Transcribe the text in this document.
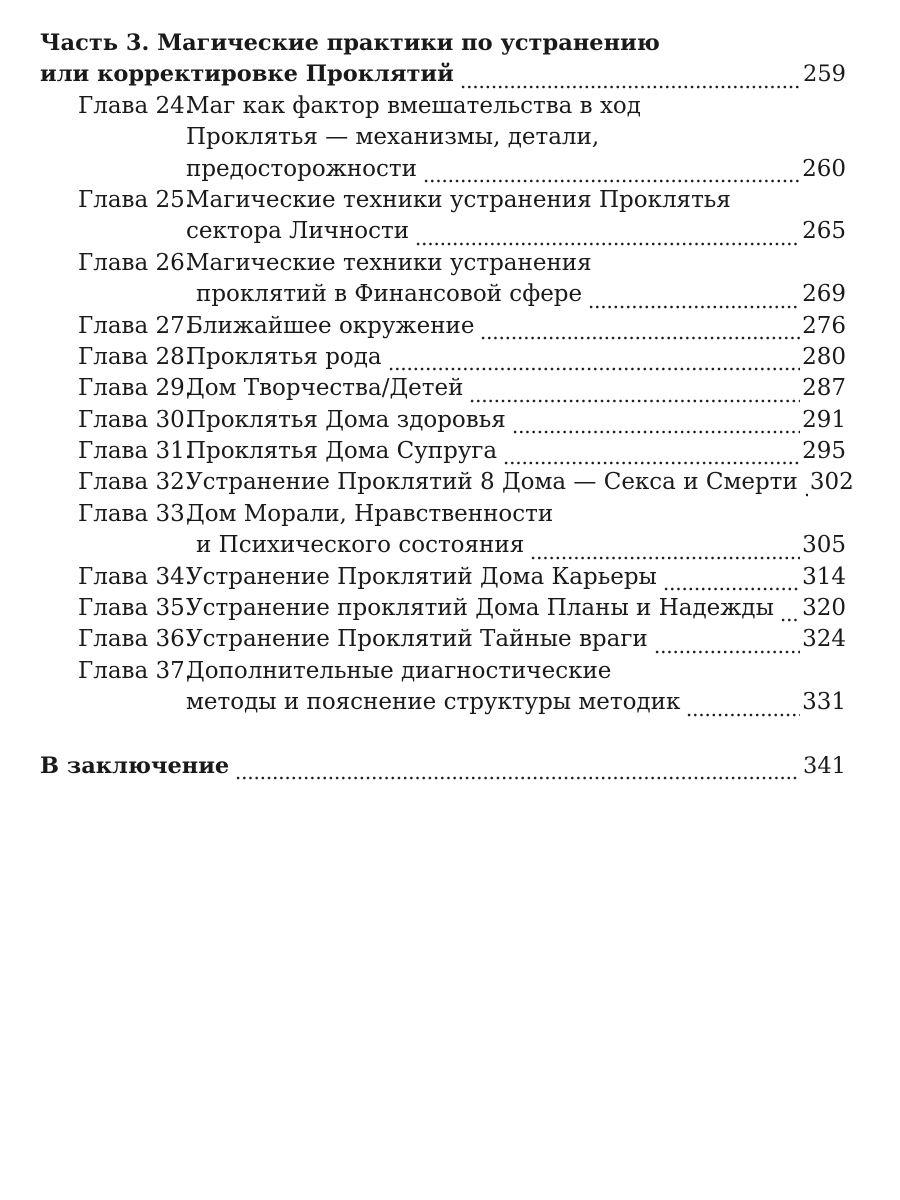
Часть 3. Магические практики по устранению
или корректировке Проклятий	259
Глава 24.
Маг как фактор вмешательства в ход
Проклятья — механизмы, детали,
предосторожности	260
Глава 25.
Магические техники устранения Проклятья
сектора Личности	265
Глава 26.
Магические техники устранения
проклятий в Финансовой сфере	269
Глава 27.
Ближайшее окружение	276
Глава 28.
Проклятья рода	280
Глава 29.
Дом Творчества/Детей	287
Глава 30.
Проклятья Дома здоровья	291
Глава 31.
Проклятья Дома Супруга	295
Глава 32.
Устранение Проклятий 8 Дома — Секса и Смерти 302
Глава 33.
Дом Морали, Нравственности
и Психического состояния	305
Глава 34.
Устранение Проклятий Дома Карьеры	314
Глава 35.
Устранение проклятий Дома Планы и Надежды 320
Глава 36.
Устранение Проклятий Тайные враги	324
Глава 37.
Дополнительные диагностические
методы и пояснение структуры методик	331
В заключение	341
